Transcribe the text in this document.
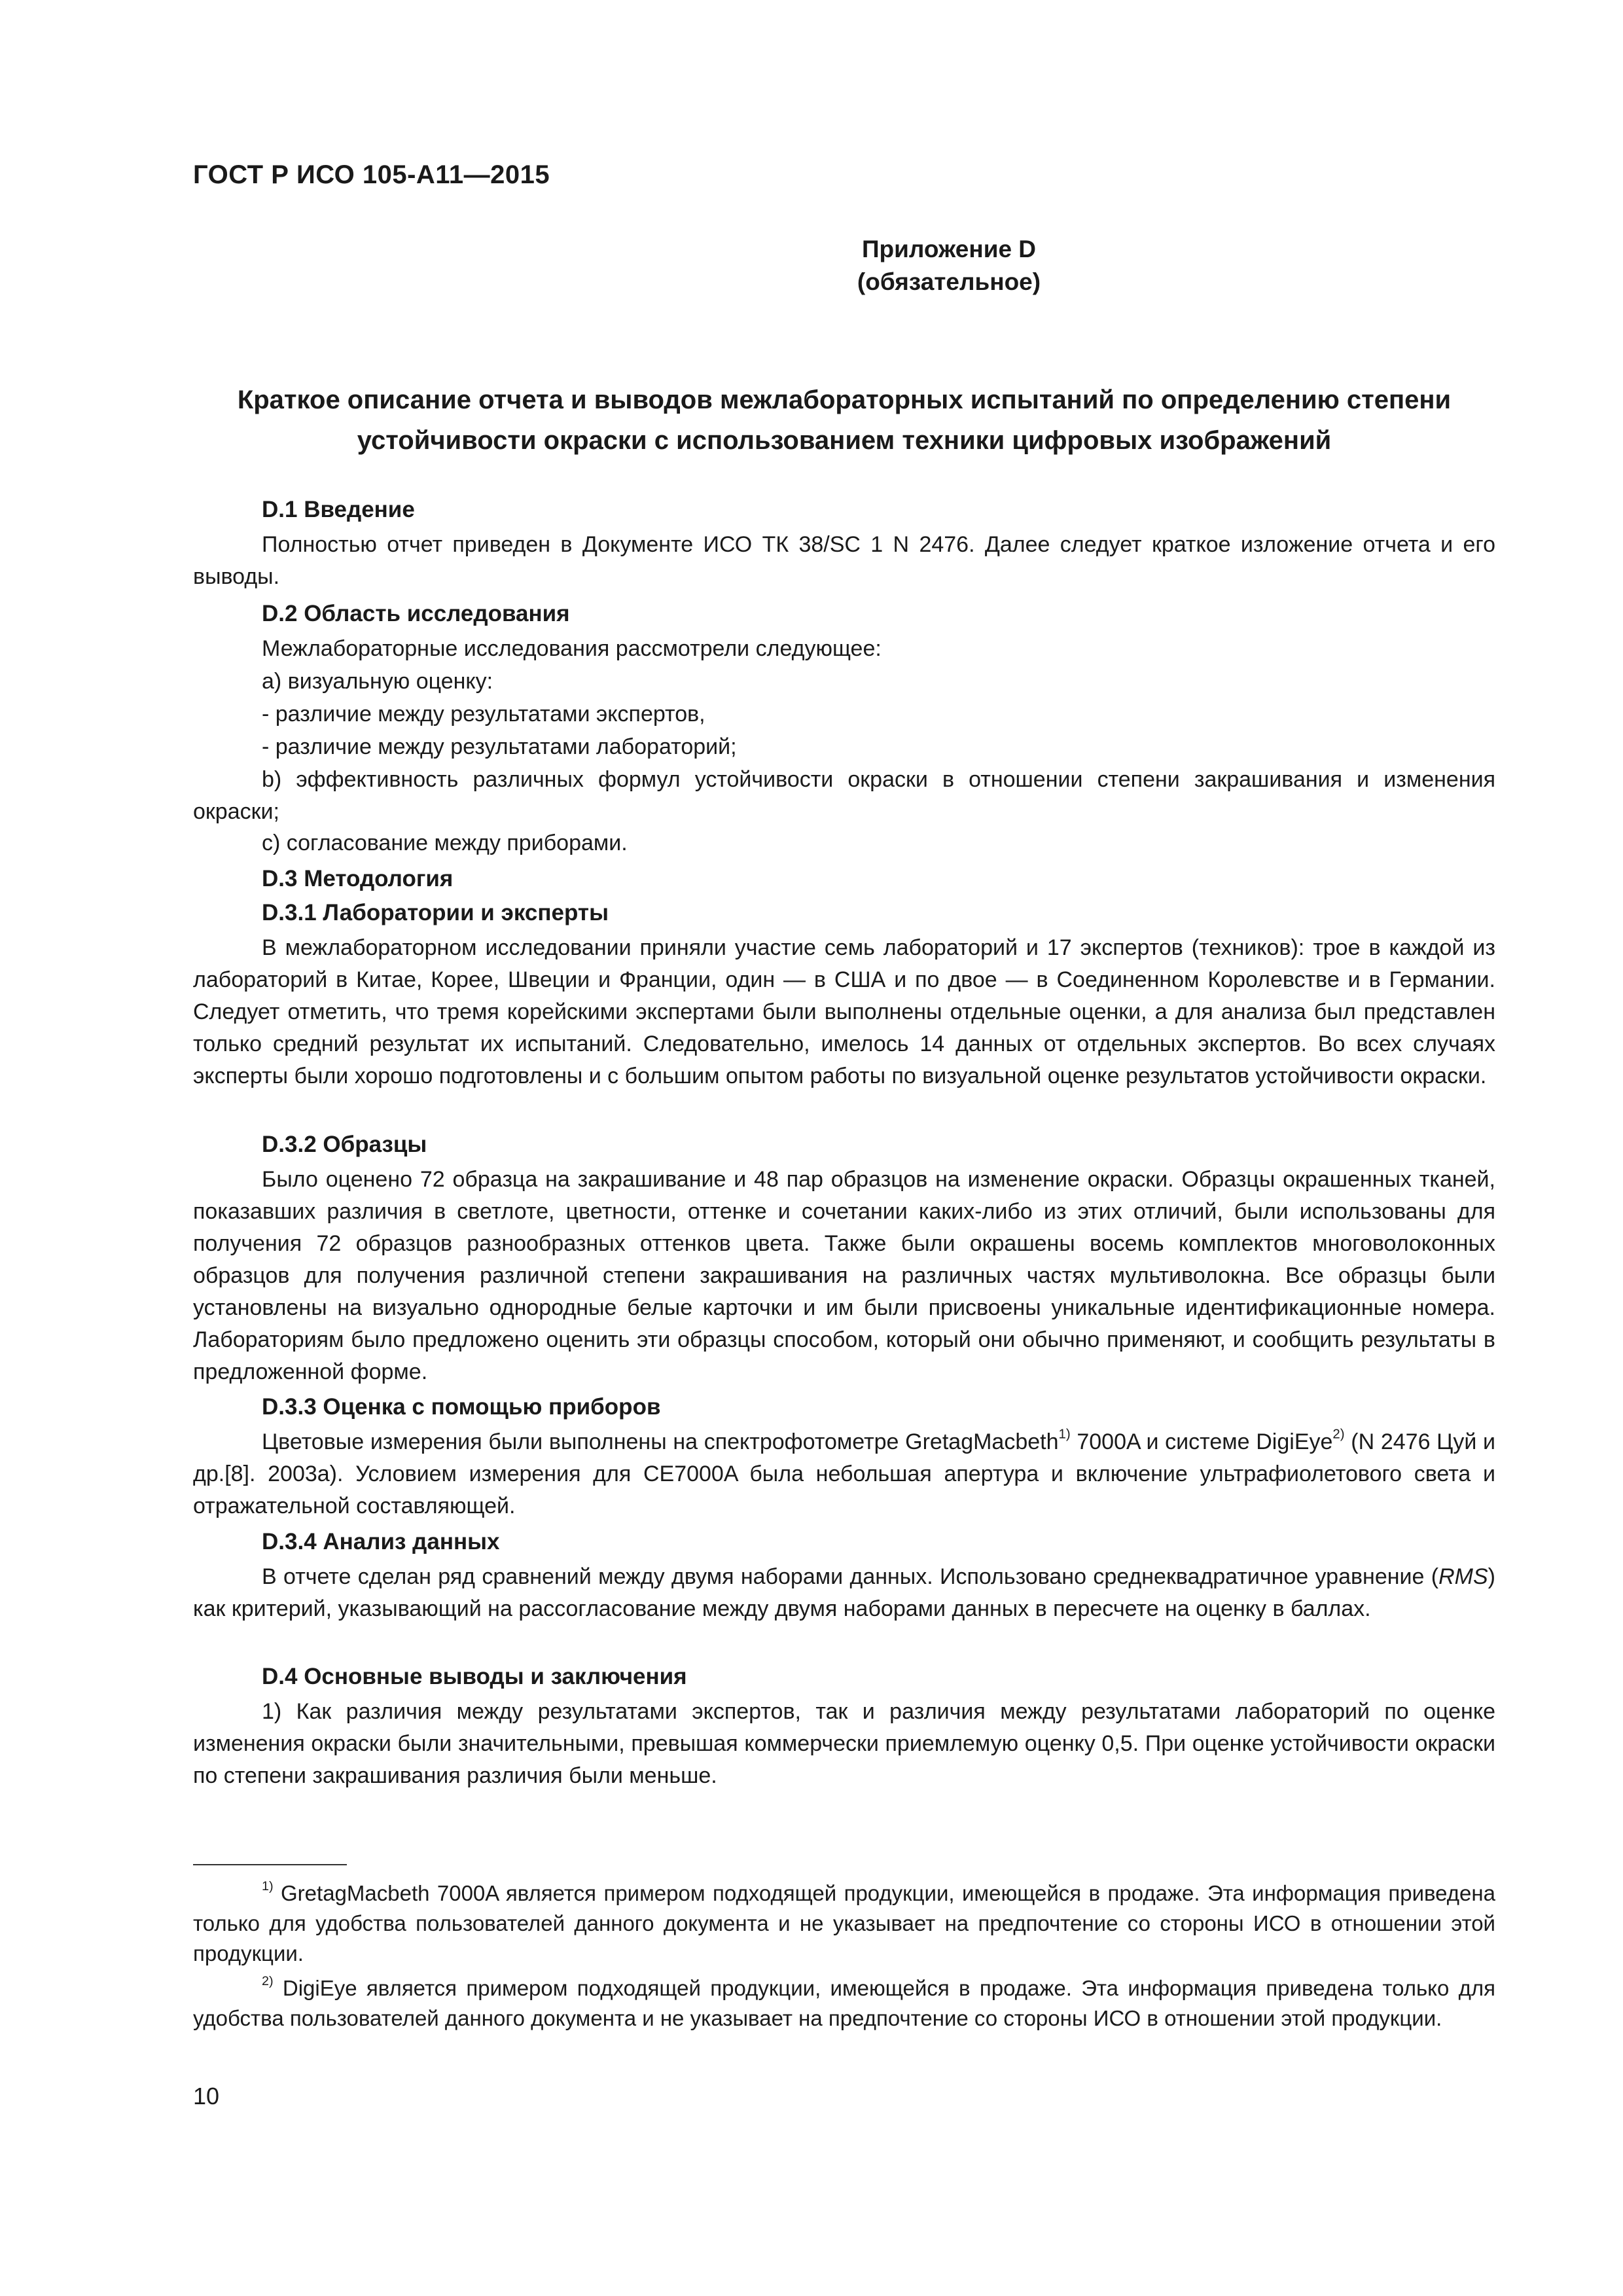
ГОСТ Р ИСО 105-А11—2015
Приложение D
(обязательное)
Краткое описание отчета и выводов межлабораторных испытаний по определению степени
устойчивости окраски с использованием техники цифровых изображений
D.1 Введение
Полностью отчет приведен в Документе ИСО ТК 38/SC 1 N 2476. Далее следует краткое изложение отчета и его выводы.
D.2 Область исследования
Межлабораторные исследования рассмотрели следующее:
а) визуальную оценку:
- различие между результатами экспертов,
- различие между результатами лабораторий;
b) эффективность различных формул устойчивости окраски в отношении степени закрашивания и изменения окраски;
с) согласование между приборами.
D.3 Методология
D.3.1 Лаборатории и эксперты
В межлабораторном исследовании приняли участие семь лабораторий и 17 экспертов (техников): трое в каждой из лабораторий в Китае, Корее, Швеции и Франции, один — в США и по двое — в Соединенном Королевстве и в Германии. Следует отметить, что тремя корейскими экспертами были выполнены отдельные оценки, а для анализа был представлен только средний результат их испытаний. Следовательно, имелось 14 данных от отдельных экспертов. Во всех случаях эксперты были хорошо подготовлены и с большим опытом работы по визуальной оценке результатов устойчивости окраски.
D.3.2 Образцы
Было оценено 72 образца на закрашивание и 48 пар образцов на изменение окраски. Образцы окрашенных тканей, показавших различия в светлоте, цветности, оттенке и сочетании каких-либо из этих отличий, были использованы для получения 72 образцов разнообразных оттенков цвета. Также были окрашены восемь комплектов многоволоконных образцов для получения различной степени закрашивания на различных частях мультиволокна. Все образцы были установлены на визуально однородные белые карточки и им были присвоены уникальные идентификационные номера. Лабораториям было предложено оценить эти образцы способом, который они обычно применяют, и сообщить результаты в предложенной форме.
D.3.3 Оценка с помощью приборов
Цветовые измерения были выполнены на спектрофотометре GretagMacbeth$^{1)}$ 7000A и системе DigiEye$^{2)}$ (N 2476 Цуй и др.[8]. 2003a). Условием измерения для CE7000A была небольшая апертура и включение ультрафиолетового света и отражательной составляющей.
D.3.4 Анализ данных
В отчете сделан ряд сравнений между двумя наборами данных. Использовано среднеквадратичное уравнение (RMS) как критерий, указывающий на рассогласование между двумя наборами данных в пересчете на оценку в баллах.
D.4 Основные выводы и заключения
1) Как различия между результатами экспертов, так и различия между результатами лабораторий по оценке изменения окраски были значительными, превышая коммерчески приемлемую оценку 0,5. При оценке устойчивости окраски по степени закрашивания различия были меньше.
$^{1)}$ GretagMacbeth 7000A является примером подходящей продукции, имеющейся в продаже. Эта информация приведена только для удобства пользователей данного документа и не указывает на предпочтение со стороны ИСО в отношении этой продукции.
$^{2)}$ DigiEye является примером подходящей продукции, имеющейся в продаже. Эта информация приведена только для удобства пользователей данного документа и не указывает на предпочтение со стороны ИСО в отношении этой продукции.
10
